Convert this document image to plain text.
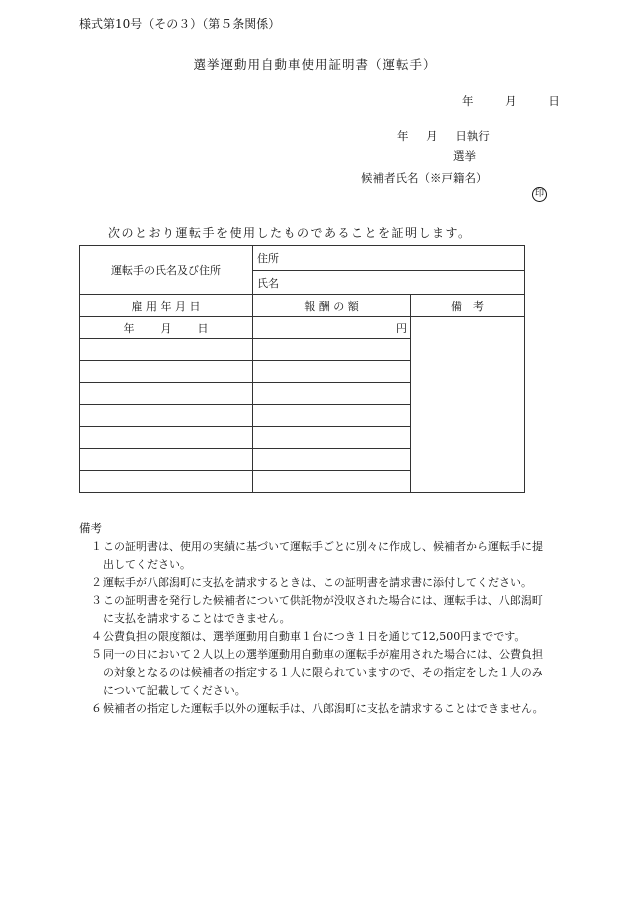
様式第10号（その３）（第５条関係）
選挙運動用自動車使用証明書（運転手）
年	月	日
年 月 日執行
選挙
候補者氏名（※戸籍名）
印
次のとおり運転手を使用したものであることを証明します。
運転手の氏名及び住所	住所	
	氏名	
雇 用 年 月 日	報 酬 の 額	備　考
年 月 日	円	

備考

１ この証明書は、使用の実績に基づいて運転手ごとに別々に作成し、候補者から運転手に提出してください。

２ 運転手が八郎潟町に支払を請求するときは、この証明書を請求書に添付してください。

３ この証明書を発行した候補者について供託物が没収された場合には、運転手は、八郎潟町に支払を請求することはできません。

４ 公費負担の限度額は、選挙運動用自動車１台につき１日を通じて12,500円までです。

５ 同一の日において２人以上の選挙運動用自動車の運転手が雇用された場合には、公費負担の対象となるのは候補者の指定する１人に限られていますので、その指定をした１人のみについて記載してください。

６ 候補者の指定した運転手以外の運転手は、八郎潟町に支払を請求することはできません。
